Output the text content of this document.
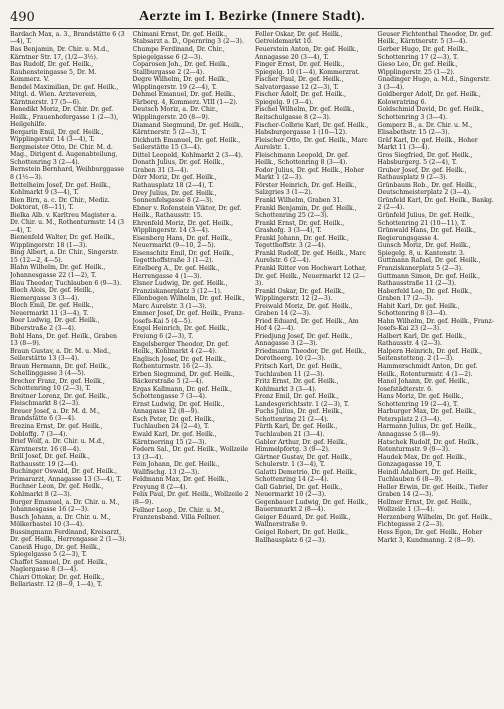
490	Aerzte im I. Bezirke (Innere Stadt).

Bardach Max, a. 3., Brandstätte 6 (3—4), T.

Bas Benjamin, Dr. Chir. u. M.d., Kärntner Str. 17, (1/2—3½).

Bas Rudolf, Dr. gef. Heilk., Rauhensteingasse 5, Dr. M. Kommerz. V.

Bendel Maximilian, Dr. gef. Heilk., Mitgl. d. Wien. Arzteverein, Kärntnerstr. 17 (5—6).

Benedikt Moriz, Dr. Chir. Dr. gef. Heilk., Frauenhofergasse 1 (2—3), Heilgehilfe.

Bergarin Emil, Dr. gef. Heilk., Wipplingerstr. 14 (3—4), T.

Bergmeister Otto, Dr. Chir. M. d. Mag., Dirigent d. Augenabteilung, Schottenring 3 (2—4).

Bernstein Bernhard, Weihburggasse 8 (1½—3).

Bettelheim Josef, Dr. gef. Heilk., Kohlmarkt 9 (3—4), T.

Bien Birn, a. c. Dr. Chir., Mediz. Doktorat, (8—11), T.

Bielka Alb. v. Karltreu Magister a. Dr. Chir. u. M., Rothenturmstr. 14 (3—4), T.

Bienenfeld Walter, Dr. gef. Heilk., Wipplingerstr. 18 (1—3).

Bing Albert, a. Dr. Chir., Singerstr. 15 (12—2, 4—5).

Blahn Wilhelm, Dr. gef. Heilk., Johannesgasse 22 (1—2), T.

Blau Theodor, Tuchlauben 6 (9—3).

Bloch Alois, Dr. gef. Heilk., Riemergasse 3 (3—4).

Bloch Emil, Dr. gef. Heilk., Neuermarkt 11 (3—4), T.

Boer Ludwig, Dr. gef. Heilk., Biberstraße 2 (3—4).

Bohl Hans, Dr. gef. Heilk., Graben 13 (8—9).

Braun Gustav, a. Dr. M. u. Med., Seilerstätte 13 (3—4).

Braun Hermann, Dr. gef. Heilk., Schellinggasse 3 (4—5).

Brecher Franz, Dr. gef. Heilk., Schottenring 10 (2—3), T.

Breitner Lorenz, Dr. gef. Heilk., Fleischmarkt 8 (2—3).

Breuer Josef, a. Dr. M. d. M., Brandstätte 6 (3—4).

Brezina Ernst, Dr. gef. Heilk., Dobloffg. 7 (3—4).

Brief Wolf, a. Dr. Chir. u. M.d., Kärntnerstr. 16 (8—4).

Brill Josef, Dr. gef. Heilk., Rathausstr. 19 (2—4).

Buchinger Oswald, Dr. gef. Heilk., Primararzt, Annagasse 13 (3—4), T.

Buchner Leon, Dr. gef. Heilk., Kohlmarkt 8 (2—3).

Burger Emanuel, a. Dr. Chir. u. M., Johannesgasse 16 (2—3).

Busch Johann, a. Dr. Chir. u. M., Mölkerbastei 10 (3—4).

Bussingmann Ferdinand, Kreisarzt, Dr. gef. Heilk., Herrengasse 2 (1—3).

Caneiß Hugo, Dr. gef. Heilk., Spiegelgasse 5 (2—3), T.

Chaffet Samuel, Dr. gef. Heilk., Naglergasse 8 (3—4).

Chiari Ottokar, Dr. gef. Heilk., Bellariastr. 12 (8—9, 1—4), T.

Chimani Ernst, Dr. gef. Heilk., Stabsarzt a. D., Opernring 3 (2—3).

Chumpe Ferdinand, Dr. Chir., Spiegelgasse 6 (2—3).

Coparosen Joh., Dr. gef. Heilk., Stallburgasse 2 (2—4).

Degre Wilhelm, Dr. gef. Heilk., Wipplingerstr. 19 (2—4), T.

Dehmel Emanuel, Dr. gef. Heilk., Färberg. 4, Kommerz. VIII (1—2).

Deutsch Moriz, a. Dr. Chir., Wipplingerstr. 20 (8—9).

Diamand Siegmund, Dr. gef. Heilk., Kärntnerstr. 5 (2—3), T.

Dickhuth Emanuel, Dr. gef. Heilk., Seilerstätte 15 (3—4).

Dittel Leopold, Kohlmarkt 2 (3—4).

Donath Julius, Dr. gef. Heilk., Graben 31 (3—4).

Dörr Moriz, Dr. gef. Heilk., Rathausplatz 18 (2—4), T.

Drey Julius, Dr. gef. Heilk., Sonnenfelsgasse 8 (2—3).

Ebner v. Rofenstein Viktor, Dr. gef. Heilk., Rathausstr. 15.

Ehrenfeld Moriz, Dr. gef. Heilk., Wipplingerstr. 14 (3—4).

Eisenberg Hans, Dr. gef. Heilk., Neuermarkt (9—10, 2—5).

Eisenschitz Emil, Dr. gef. Heilk., Tegetthoffstraße 3 (1—2).

Eitelberg A., Dr. gef. Heilk., Herrengasse 4 (1—3).

Elsner Ludwig, Dr. gef. Heilk., Franziskanerplatz 3 (12—1).

Ellenbogen Wilhelm, Dr. gef. Heilk., Marc Aurelstr. 3 (1—3).

Emmer Josef, Dr. gef. Heilk., Franz-Josefs-Kai 5 (4—5).

Engel Heinrich, Dr. gef. Heilk., Freiung 6 (2—3), T.

Engelsberger Theodor, Dr. gef. Heilk., Kohlmarkt 4 (2—4).

Englisch Josef, Dr. gef. Heilk., Rothenturmstr. 16 (2—3).

Erben Siegmund, Dr. gef. Heilk., Bäckerstraße 5 (2—4).

Ergas Kallmann, Dr. gef. Heilk., Schottengasse 7 (3—4).

Ernst Ludwig, Dr. gef. Heilk., Annagasse 12 (8—9).

Esch Peter, Dr. gef. Heilk., Tuchlauben 24 (2—4), T.

Ewald Karl, Dr. gef. Heilk., Kärntnerring 15 (2—3).

Federn Sal., Dr. gef. Heilk., Wollzeile 13 (3—4).

Fein Johann, Dr. gef. Heilk., Wallfischg. 13 (2—3).

Feldmann Max, Dr. gef. Heilk., Freyung 8 (2—4).

Felix Paul, Dr. gef. Heilk., Wollzeile 2 (8—9).

Fellner Leop., Dr. Chir. u. M., Franzensband. Villa Fellner.

Feller Oskar, Dr. gef. Heilk., Getreidemarkt 10.

Feuerstein Anton, Dr. gef. Heilk., Annagasse 20 (3—4), T.

Finger Ernst, Dr. gef. Heilk., Spiegelg. 10 (1—4), Kommerzrat.

Fischer Paul, Dr. gef. Heilk., Salvatorgasse 12 (2—3), T.

Fischer Adolf, Dr. gef. Heilk., Spiegelg. 9 (3—4).

Fischel Wilhelm, Dr. gef. Heilk., Reitschulgasse 8 (2—3).

Fischer-Colbrie Karl, Dr. gef. Heilk., Habsburgergasse 1 (10—12).

Fleischer Otto, Dr. gef. Heilk., Marc Aurelstr. 1.

Fleischmann Leopold, Dr. gef. Heilk., Schottenring 8 (3—4).

Fodor Julius, Dr. gef. Heilk., Hoher Markt 1 (2—3).

Förster Heinrich, Dr. gef. Heilk., Salzgries 3 (1—2).

Frankl Wilhelm, Graben 31.

Frankl Benjamin, Dr. gef. Heilk., Schottenring 25 (2—3).

Frankl Ernst, Dr. gef. Heilk., Grashofg. 3 (3—4), T.

Frankl Johann, Dr. gef. Heilk., Tegetthoffstr. 3 (2—4).

Frankl Rudolf, Dr. gef. Heilk., Marc Aurelstr. 6 (2—4).

Frankl Ritter von Hochwart Lothar, Dr. gef. Heilk., Neuermarkt 12 (2—3).

Frankl Oskar, Dr. gef. Heilk., Wipplingerstr. 12 (2—3).

Freiwald Moriz, Dr. gef. Heilk., Graben 14 (2—3).

Fried Eduard, Dr. gef. Heilk., Am Hof 4 (2—4).

Friedjung Josef, Dr. gef. Heilk., Annagasse 3 (2—3).

Friedmann Theodor, Dr. gef. Heilk., Dorotheerg. 10 (2—3).

Fritsch Karl, Dr. gef. Heilk., Tuchlauben 11 (2—3).

Fritz Ernst, Dr. gef. Heilk., Kohlmarkt 3 (3—4).

Fronz Emil, Dr. gef. Heilk., Landesgerichtsstr. 1 (2—3), T.

Fuchs Julius, Dr. gef. Heilk., Schottenring 21 (2—4).

Fürth Karl, Dr. gef. Heilk., Tuchlauben 21 (3—4).

Gabler Arthur, Dr. gef. Heilk., Himmelpfortg. 3 (9—2).

Gärtner Gustav, Dr. gef. Heilk., Schulerstr. 1 (3—4), T.

Galatti Demetrio, Dr. gef. Heilk., Schottenring 14 (2—4).

Gall Gabriel, Dr. gef. Heilk., Neuermarkt 10 (2—3).

Gegenbauer Ludwig, Dr. gef. Heilk., Bauernmarkt 2 (8—4).

Geiger Eduard, Dr. gef. Heilk., Wallnerstraße 9.

Geigel Robert, Dr. gef. Heilk., Ballhausplatz 6 (2—3).

Geuser Fichtenthal Theodor, Dr. gef. Heilk., Kärntnerstr. 5 (3—4).

Gerber Hugo, Dr. gef. Heilk., Schottenring 17 (2—3), T.

Gieso Leo, Dr. gef. Heilk., Wipplingerstr. 25 (1—2).

Gnadinger Hugo, a. M.d., Singerstr. 3 (3—4).

Goldberger Adolf, Dr. gef. Heilk., Kolowratring 6.

Goldschmid David, Dr. gef. Heilk., Schottenring 3 (3—4).

Gomperz B., a. Dr. Chir. u. M., Elisabethstr. 15 (2—3).

Gräf Karl, Dr. gef. Heilk., Hoher Markt 11 (3—4).

Gros Siegfried, Dr. gef. Heilk., Habsburgerg. 5 (2—4), T.

Gruber Josef, Dr. gef. Heilk., Rathausplatz 9 (2—3).

Grünbaum Rob., Dr. gef. Heilk., Deutschmeisterplatz 2 (3—4).

Grünfeld Karl, Dr. gef. Heilk., Bankg. 2 (2—4).

Grünfeld Julius, Dr. gef. Heilk., Schottenring 21 (10—11), T.

Grünwald Hans, Dr. gef. Heilk., Regierungsgasse 4.

Gunsch Moriz, Dr. gef. Heilk., Spiegelg. 8, u. Kantonstr. 3.

Guttmann Rafael, Dr. gef. Heilk., Franziskanerplatz 5 (2—3).

Guttmann Simon, Dr. gef. Heilk., Rathausstraße 11 (2—3).

Haberfeld Leo, Dr. gef. Heilk., Graben 17 (2—3).

Habit Karl, Dr. gef. Heilk., Schottenring 8 (3—4).

Hahn Wilhelm, Dr. gef. Heilk., Franz-Josefs-Kai 23 (2—3).

Halbert Karl, Dr. gef. Heilk., Rathausstr. 4 (2—3).

Halpern Heinrich, Dr. gef. Heilk., Seitenstetteng. 2 (1—3).

Hammerschmidt Anton, Dr. gef. Heilk., Rotenturmstr. 4 (1—2).

Hanel Johann, Dr. gef. Heilk., Josefstädterstr. 6.

Hans Moriz, Dr. gef. Heilk., Schottenring 19 (2—4), T.

Harburger Max, Dr. gef. Heilk., Petersplatz 2 (3—4).

Harmann Julius, Dr. gef. Heilk., Annagasse 5 (8—9).

Hatschek Rudolf, Dr. gef. Heilk., Rotenturmstr. 9 (9—3).

Haudek Max, Dr. gef. Heilk., Gonzagagasse 19, T.

Heindl Adalbert, Dr. gef. Heilk., Tuchlauben 6 (8—9).

Heller Erwin, Dr. gef. Heilk., Tiefer Graben 14 (2—3).

Hellmer Ernst, Dr. gef. Heilk., Wollzeile 1 (3—4).

Herzenberg Wilhelm, Dr. gef. Heilk., Fichtegasse 2 (2—3).

Hess Egon, Dr. gef. Heilk., Hoher Markt 3, Kundmanng. 2 (8—9).
